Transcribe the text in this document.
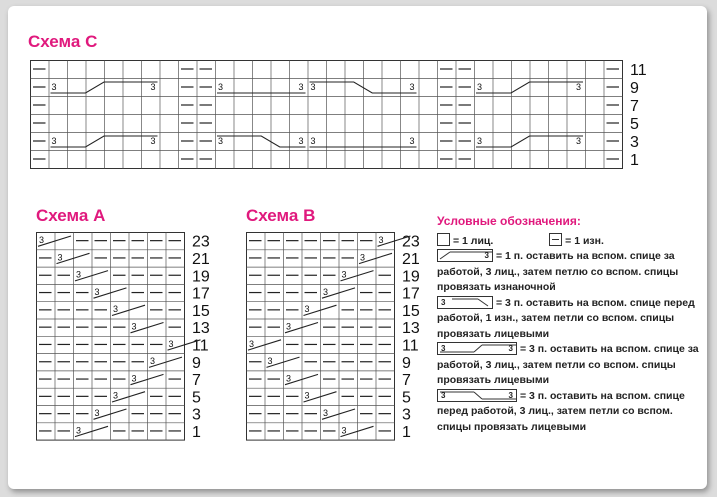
Схема C
11
9
7
5
3
1
3	3	3	3 3	3	3	3
3	3	3	3 3	3	3	3
Схема A
23
21
19
17
15
13
11
9
7
5
3
1
3
3
3
3
3
3
3
3
3
3
3
3
Схема B
23
21
19
17
15
13
11
9
7
5
3
1
3
3
3
3
3
3
3
3
3
3
3
3
Условные обозначения:
= 1 лиц.	= 1 изн.
3 = 1 п. оставить на вспом. спице за работой, 3 лиц., затем петлю со вспом. спицы провязать изнаночной
3	= 3 п. оставить на вспом. спице перед работой, 1 изн., затем петли со вспом. спицы провязать лицевыми
3	3 = 3 п. оставить на вспом. спице за работой, 3 лиц., затем петли со вспом. спицы провязать лицевыми
3	3 = 3 п. оставить на вспом. спице перед работой, 3 лиц., затем петли со вспом. спицы провязать лицевыми
